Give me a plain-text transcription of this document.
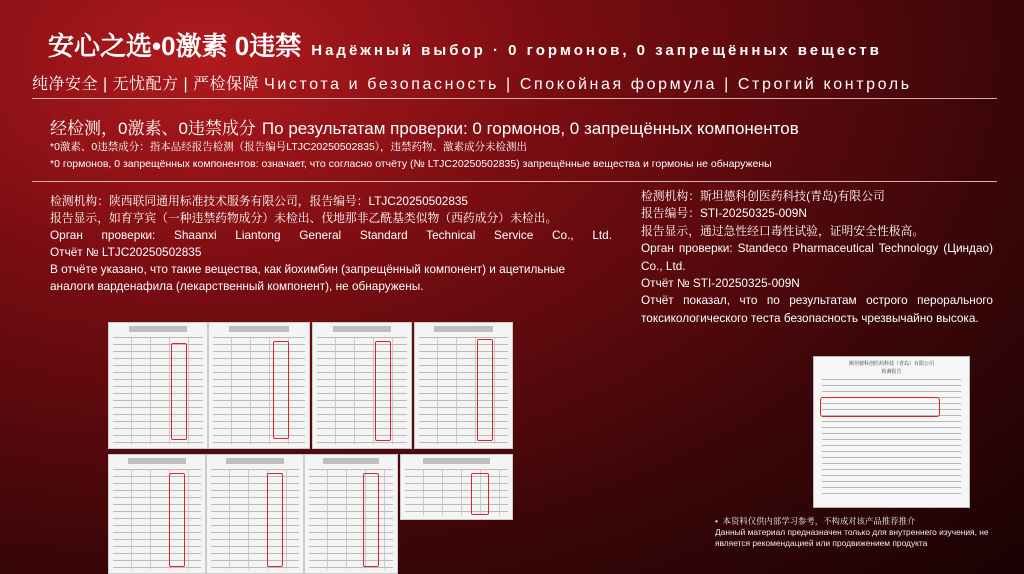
安心之选•0激素 0违禁 Надёжный выбор · 0 гормонов, 0 запрещённых веществ
纯净安全 | 无忧配方 | 严检保障 Чистота и безопасность | Спокойная формула | Строгий контроль
经检测，0激素、0违禁成分 По результатам проверки: 0 гормонов, 0 запрещённых компонентов
*0激素、0违禁成分：指本品经报告检测（报告编号LTJC20250502835），违禁药物、激素成分未检测出
*0 гормонов, 0 запрещённых компонентов: означает, что согласно отчёту (№ LTJC20250502835) запрещённые вещества и гормоны не обнаружены

检测机构：陕西联同通用标准技术服务有限公司，报告编号：LTJC20250502835

报告显示，如育亨宾（一种违禁药物成分）未检出、伐地那非乙酰基类似物（西药成分）未检出。

Орган проверки: Shaanxi Liantong General Standard Technical Service Co., Ltd.

Отчёт № LTJC20250502835

В отчёте указано, что такие вещества, как йохимбин (запрещённый компонент) и ацетильные аналоги варденафила (лекарственный компонент), не обнаружены.

检测机构：斯坦德科创医药科技(青岛)有限公司

报告编号：STI-20250325-009N

报告显示，通过急性经口毒性试验，证明安全性极高。

Орган проверки: Standeco Pharmaceutical Technology (Циндао) Co., Ltd.

Отчёт № STI-20250325-009N

Отчёт показал, что по результатам острого перорального токсикологического теста безопасность чрезвычайно высока.

斯坦德科创医药科技（青岛）有限公司
检测报告
•  本资料仅供内部学习参考，不构成对该产品推荐推介
Данный материал предназначен только для внутреннего изучения, не является рекомендацией или продвижением продукта
